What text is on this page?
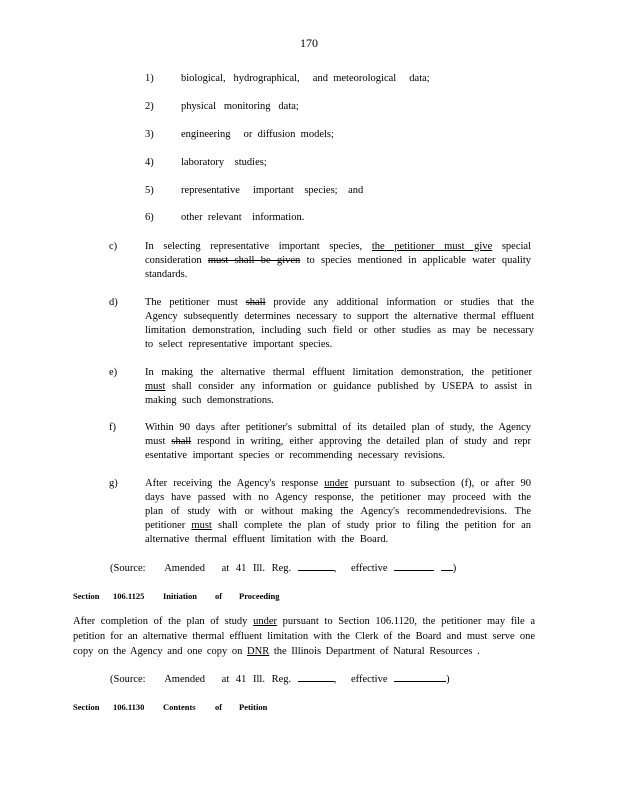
170
1)	biological,   hydrographical,     and  meteorological     data;
2)	physical   monitoring   data;
3)	engineering     or  diffusion  models;
4)	laboratory    studies;
5)	representative     important    species;    and
6)	other  relevant    information.
c)	In selecting representative important species, the petitioner must give special consideration must shall be given to species mentioned in applicable water quality standards.
d)	The petitioner must shall provide any additional information or studies that the Agency subsequently determines necessary to support the alternative thermal effluent limitation demonstration, including such field or other studies as may be necessary to select representative important species.
e)	In making the alternative thermal effluent limitation demonstration, the petitioner must shall consider any information or guidance published by USEPA to assist in making such demonstrations.
f)	Within 90 days after petitioner's submittal of its detailed plan of study, the Agency must shall respond in writing, either approving the detailed plan of study and repr esentative important species or recommending necessary revisions.
g)	After receiving the Agency's response under pursuant to subsection (f), or after 90 days have passed with no Agency response, the petitioner may proceed with the plan of study with or without making the Agency's recommendedrevisions. The petitioner must shall complete the plan of study prior to filing the petition for an alternative thermal effluent limitation with the Board.
(Source: Amended at 41 Ill. Reg.	, effective	)
Section 106.1125 Initiation of Proceeding
After completion of the plan of study under pursuant to Section 106.1120, the petitioner may file a petition for an alternative thermal effluent limitation with the Clerk of the Board and must serve one copy on the Agency and one copy on DNR the Illinois Department of Natural Resources .
(Source: Amended at 41 Ill. Reg.	, effective	)
Section 106.1130 Contents of Petition
